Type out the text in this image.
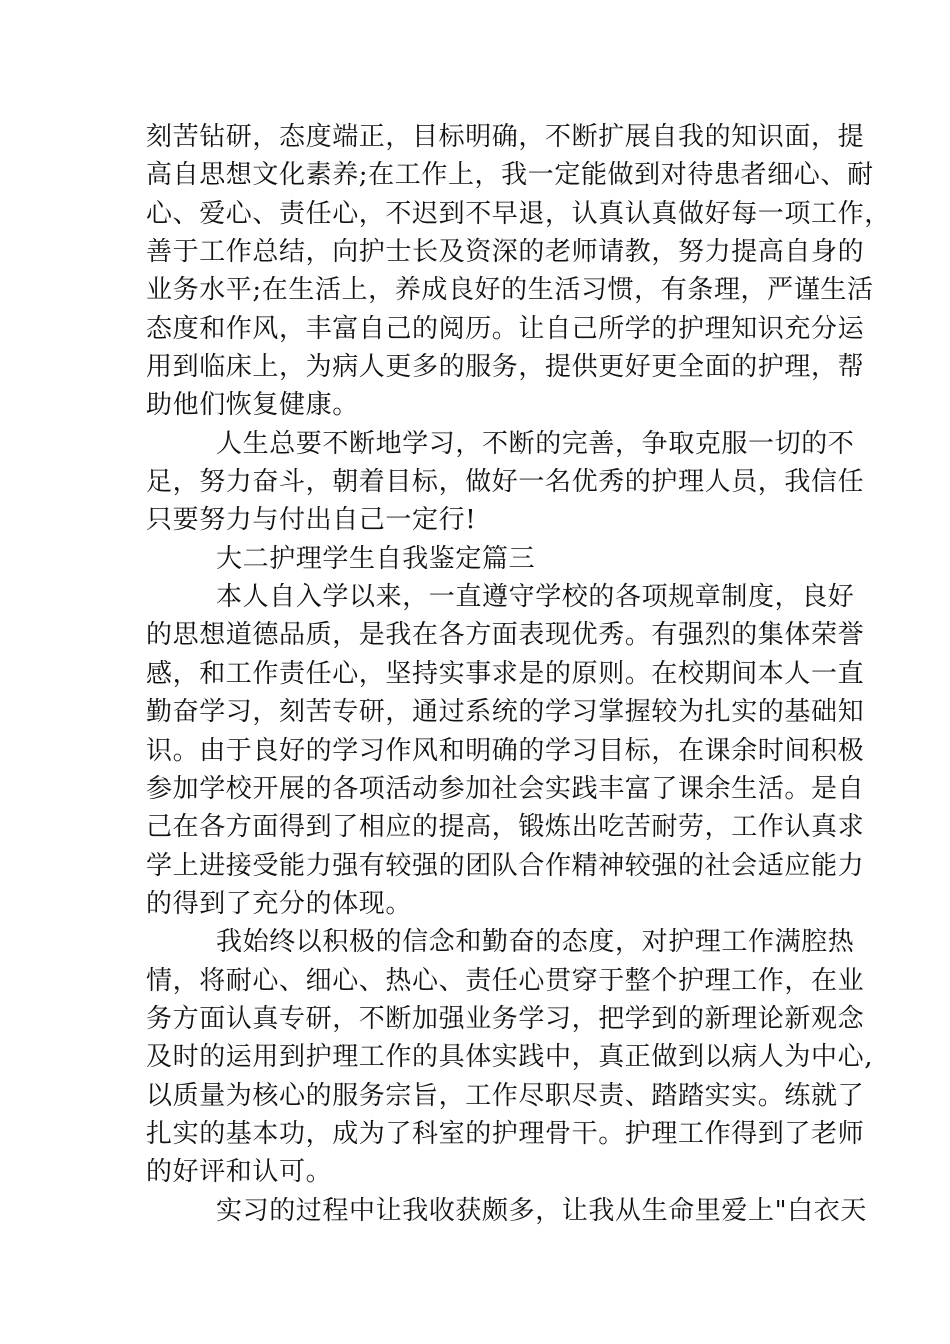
刻苦钻研，态度端正，目标明确，不断扩展自我的知识面，提
高自思想文化素养;在工作上，我一定能做到对待患者细心、耐
心、爱心、责任心，不迟到不早退，认真认真做好每一项工作，
善于工作总结，向护士长及资深的老师请教，努力提高自身的
业务水平;在生活上，养成良好的生活习惯，有条理，严谨生活
态度和作风，丰富自己的阅历。让自己所学的护理知识充分运
用到临床上，为病人更多的服务，提供更好更全面的护理，帮
助他们恢复健康。
人生总要不断地学习，不断的完善，争取克服一切的不
足，努力奋斗，朝着目标，做好一名优秀的护理人员，我信任
只要努力与付出自己一定行!
大二护理学生自我鉴定篇三
本人自入学以来，一直遵守学校的各项规章制度，良好
的思想道德品质，是我在各方面表现优秀。有强烈的集体荣誉
感，和工作责任心，坚持实事求是的原则。在校期间本人一直
勤奋学习，刻苦专研，通过系统的学习掌握较为扎实的基础知
识。由于良好的学习作风和明确的学习目标，在课余时间积极
参加学校开展的各项活动参加社会实践丰富了课余生活。是自
己在各方面得到了相应的提高，锻炼出吃苦耐劳，工作认真求
学上进接受能力强有较强的团队合作精神较强的社会适应能力
的得到了充分的体现。
我始终以积极的信念和勤奋的态度，对护理工作满腔热
情，将耐心、细心、热心、责任心贯穿于整个护理工作，在业
务方面认真专研，不断加强业务学习，把学到的新理论新观念
及时的运用到护理工作的具体实践中，真正做到以病人为中心,
以质量为核心的服务宗旨，工作尽职尽责、踏踏实实。练就了
扎实的基本功，成为了科室的护理骨干。护理工作得到了老师
的好评和认可。
实习的过程中让我收获颇多，让我从生命里爱上"白衣天
